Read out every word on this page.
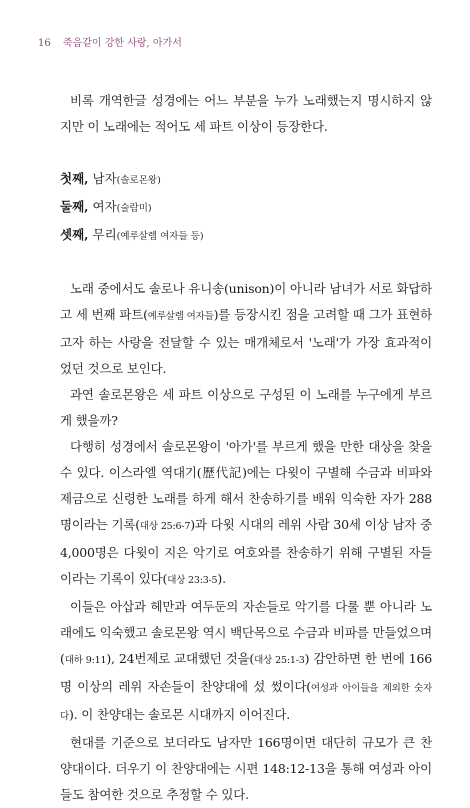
16 죽음같이 강한 사랑, 아가서

비록 개역한글 성경에는 어느 부분을 누가 노래했는지 명시하지 않지만 이 노래에는 적어도 세 파트 이상이 등장한다.

첫째, 남자(솔로몬왕)
둘째, 여자(술람미)
셋째, 무리(예루살렘 여자들 등)

노래 중에서도 솔로나 유니송(unison)이 아니라 남녀가 서로 화답하고 세 번째 파트(예루살렘 여자들)를 등장시킨 점을 고려할 때 그가 표현하고자 하는 사랑을 전달할 수 있는 매개체로서 '노래'가 가장 효과적이었던 것으로 보인다.

과연 솔로몬왕은 세 파트 이상으로 구성된 이 노래를 누구에게 부르게 했을까?

다행히 성경에서 솔로몬왕이 '아가'를 부르게 했을 만한 대상을 찾을 수 있다. 이스라엘 역대기(歷代記)에는 다윗이 구별해 수금과 비파와 제금으로 신령한 노래를 하게 해서 찬송하기를 배워 익숙한 자가 288명이라는 기록(대상 25:6-7)과 다윗 시대의 레위 사람 30세 이상 남자 중 4,000명은 다윗이 지은 악기로 여호와를 찬송하기 위해 구별된 자들이라는 기록이 있다(대상 23:3-5).

이들은 아삽과 헤만과 여두둔의 자손들로 악기를 다룰 뿐 아니라 노래에도 익숙했고 솔로몬왕 역시 백단목으로 수금과 비파를 만들었으며(대하 9:11), 24번제로 교대했던 것을(대상 25:1-3) 감안하면 한 번에 166명 이상의 레위 자손들이 찬양대에 섰 썼이다(여성과 아이들을 제외한 숫자다). 이 찬양대는 솔로몬 시대까지 이어진다.

현대를 기준으로 보더라도 남자만 166명이면 대단히 규모가 큰 찬양대이다. 더우기 이 찬양대에는 시편 148:12-13을 통해 여성과 아이들도 참여한 것으로 추정할 수 있다.
